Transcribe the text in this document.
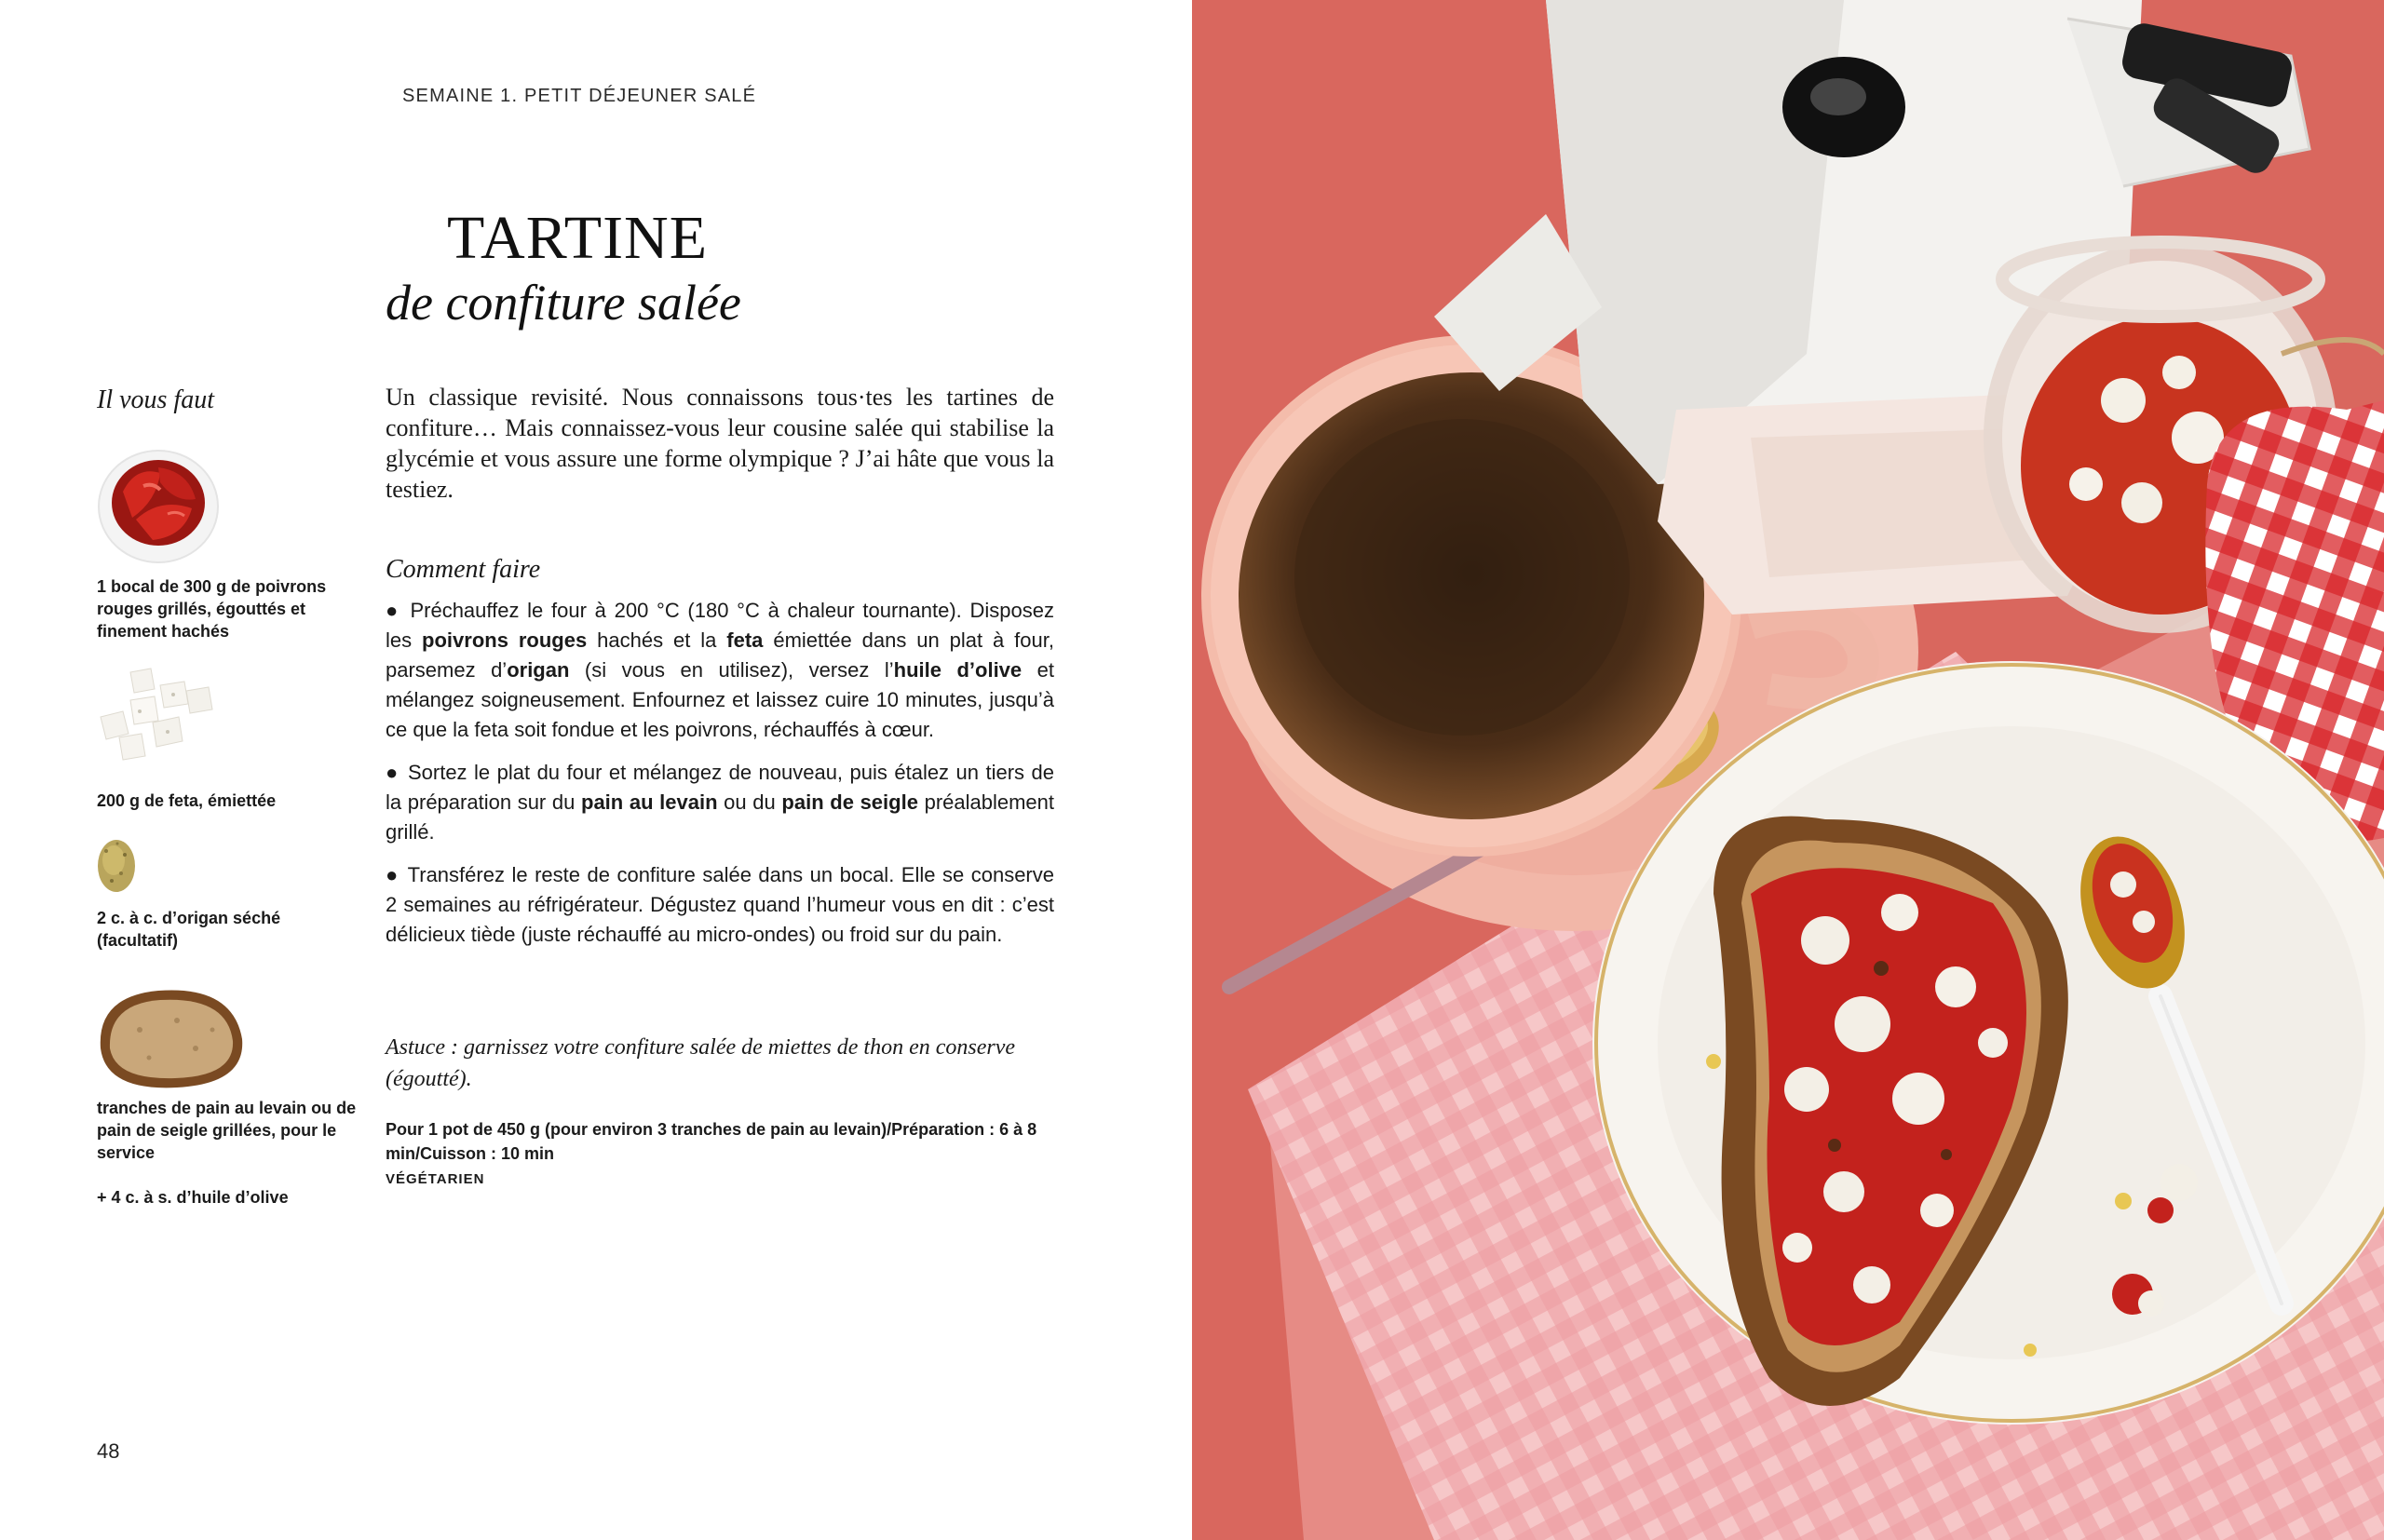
SEMAINE 1. PETIT DÉJEUNER SALÉ
TARTINE
de confiture salée
Il vous faut
1 bocal de 300 g de poivrons rouges grillés, égouttés et finement hachés
200 g de feta, émiettée
2 c. à c. d’origan séché (facultatif)
tranches de pain au levain ou de pain de seigle grillées, pour le service
+ 4 c. à s. d’huile d’olive
Un classique revisité. Nous connaissons tous·tes les tartines de confiture… Mais connaissez-vous leur cousine salée qui stabilise la glycémie et vous assure une forme olympique ? J’ai hâte que vous la testiez.
Comment faire

●  Préchauffez le four à 200 °C (180 °C à chaleur tournante). Disposez les poivrons rouges hachés et la feta émiettée dans un plat à four, parsemez d’origan (si vous en utilisez), versez l’huile d’olive et mélangez soigneusement. Enfournez et laissez cuire 10 minutes, jusqu’à ce que la feta soit fondue et les poivrons, réchauffés à cœur.

●  Sortez le plat du four et mélangez de nouveau, puis étalez un tiers de la préparation sur du pain au levain ou du pain de seigle préalablement grillé.

●  Transférez le reste de confiture salée dans un bocal. Elle se conserve 2 semaines au réfrigérateur. Dégustez quand l’humeur vous en dit : c’est délicieux tiède (juste réchauffé au micro-ondes) ou froid sur du pain.

Astuce : garnissez votre confiture salée de miettes de thon en conserve (égoutté).
Pour 1 pot de 450 g (pour environ 3 tranches de pain au levain)/Préparation : 6 à 8 min/Cuisson : 10 min
VÉGÉTARIEN
48
